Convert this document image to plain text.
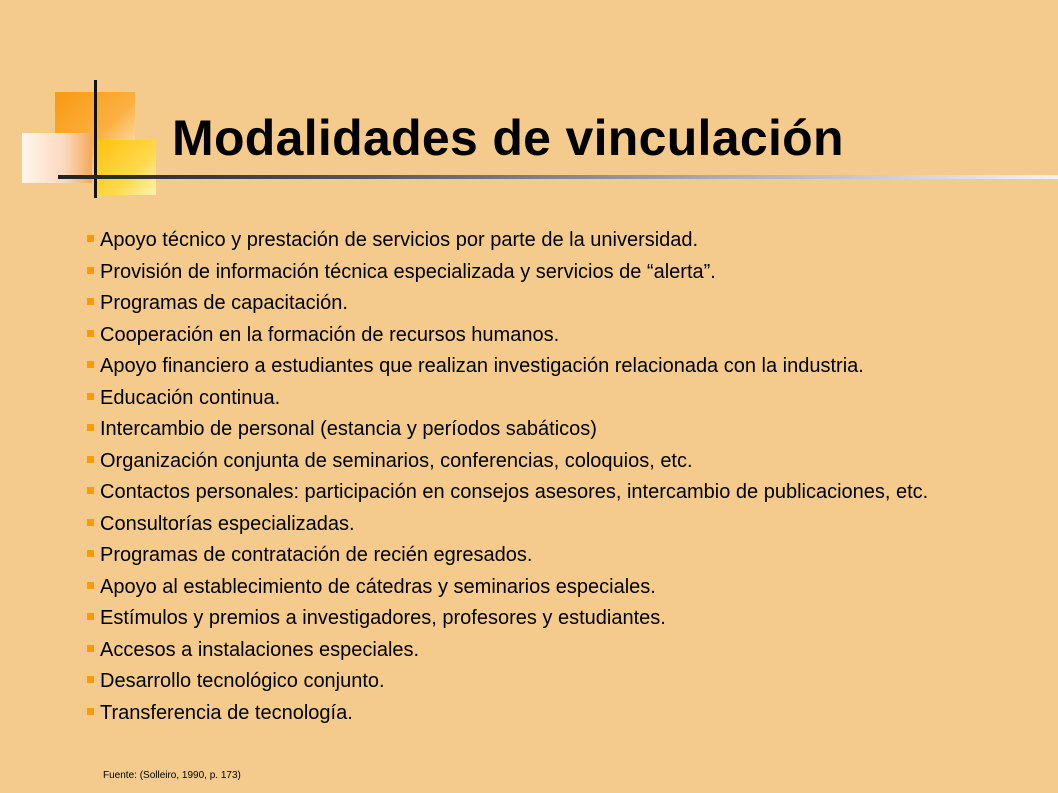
Modalidades de vinculación
Apoyo técnico y prestación de servicios por parte de la universidad.
Provisión de información técnica especializada y servicios de “alerta”.
Programas de capacitación.
Cooperación en la formación de recursos humanos.
Apoyo financiero a estudiantes que realizan investigación relacionada con la industria.
Educación continua.
Intercambio de personal (estancia y períodos sabáticos)
Organización conjunta de seminarios, conferencias, coloquios, etc.
Contactos personales: participación en consejos asesores, intercambio de publicaciones, etc.
Consultorías especializadas.
Programas de contratación de recién egresados.
Apoyo al establecimiento de cátedras y seminarios especiales.
Estímulos y premios a investigadores, profesores y estudiantes.
Accesos a instalaciones especiales.
Desarrollo tecnológico conjunto.
Transferencia de tecnología.
Fuente: (Solleiro, 1990, p. 173)
